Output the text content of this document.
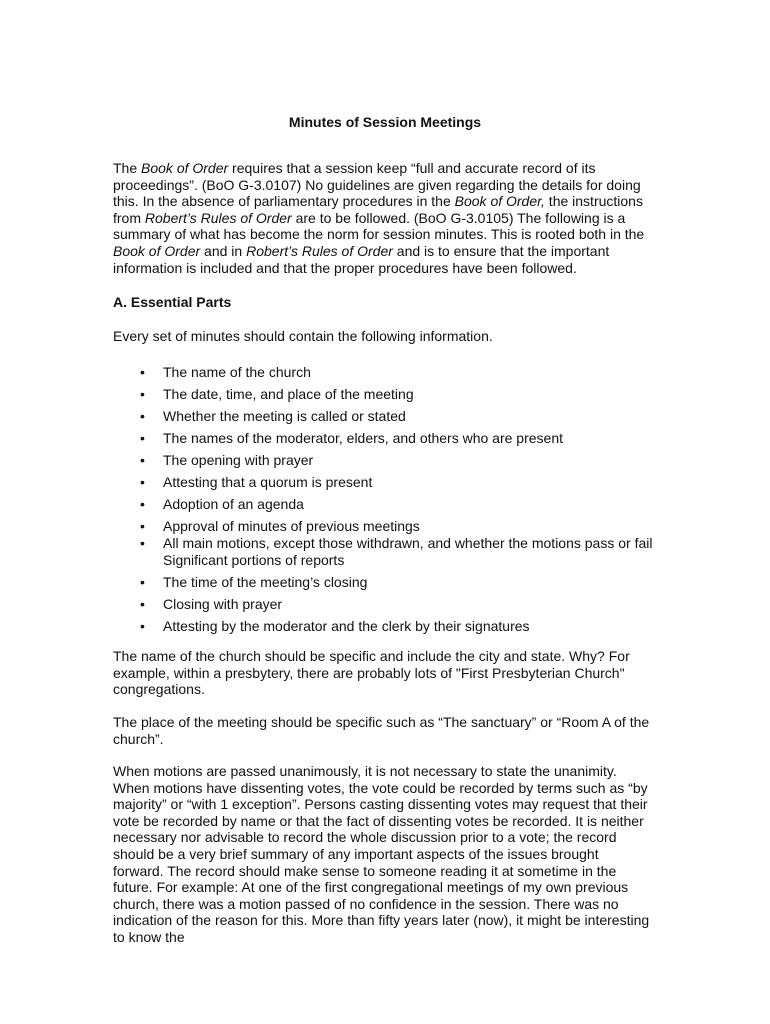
Minutes of Session Meetings
The Book of Order requires that a session keep “full and accurate record of its proceedings”. (BoO G-3.0107) No guidelines are given regarding the details for doing this. In the absence of parliamentary procedures in the Book of Order, the instructions from Robert’s Rules of Order are to be followed. (BoO G-3.0105) The following is a summary of what has become the norm for session minutes. This is rooted both in the Book of Order and in Robert’s Rules of Order and is to ensure that the important information is included and that the proper procedures have been followed.
A. Essential Parts
Every set of minutes should contain the following information.
• The name of the church
• The date, time, and place of the meeting
• Whether the meeting is called or stated
• The names of the moderator, elders, and others who are present
• The opening with prayer
• Attesting that a quorum is present
• Adoption of an agenda
• Approval of minutes of previous meetings
• All main motions, except those withdrawn, and whether the motions pass or fail Significant portions of reports
• The time of the meeting’s closing
• Closing with prayer
• Attesting by the moderator and the clerk by their signatures
The name of the church should be specific and include the city and state. Why? For example, within a presbytery, there are probably lots of "First Presbyterian Church" congregations.
The place of the meeting should be specific such as “The sanctuary” or “Room A of the church”.
When motions are passed unanimously, it is not necessary to state the unanimity. When motions have dissenting votes, the vote could be recorded by terms such as “by majority” or “with 1 exception”. Persons casting dissenting votes may request that their vote be recorded by name or that the fact of dissenting votes be recorded. It is neither necessary nor advisable to record the whole discussion prior to a vote; the record should be a very brief summary of any important aspects of the issues brought forward. The record should make sense to someone reading it at sometime in the future. For example: At one of the first congregational meetings of my own previous church, there was a motion passed of no confidence in the session. There was no indication of the reason for this. More than fifty years later (now), it might be interesting to know the
